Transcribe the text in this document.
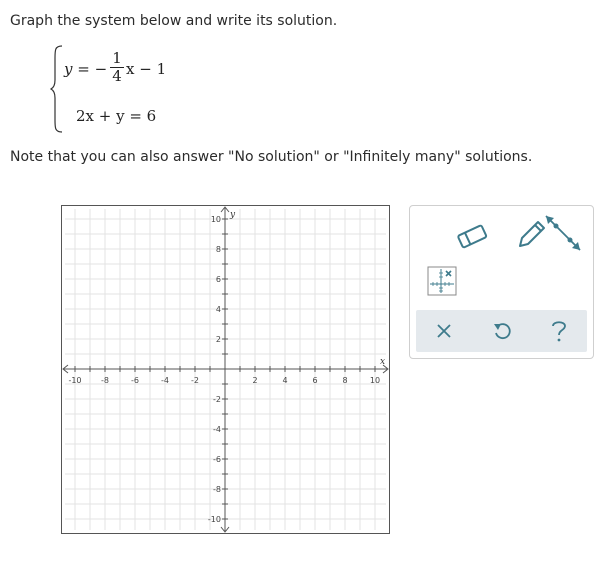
Graph the system below and write its solution.
y = − $\frac{1}{4}$ x − 1
2x + y = 6
Note that you can also answer "No solution" or "Infinitely many" solutions.
-10 -8	-6	-4	-2	2	4	6	8	10
10
8
6
4
2
-2
-4
-6
-8
-10
x
y
